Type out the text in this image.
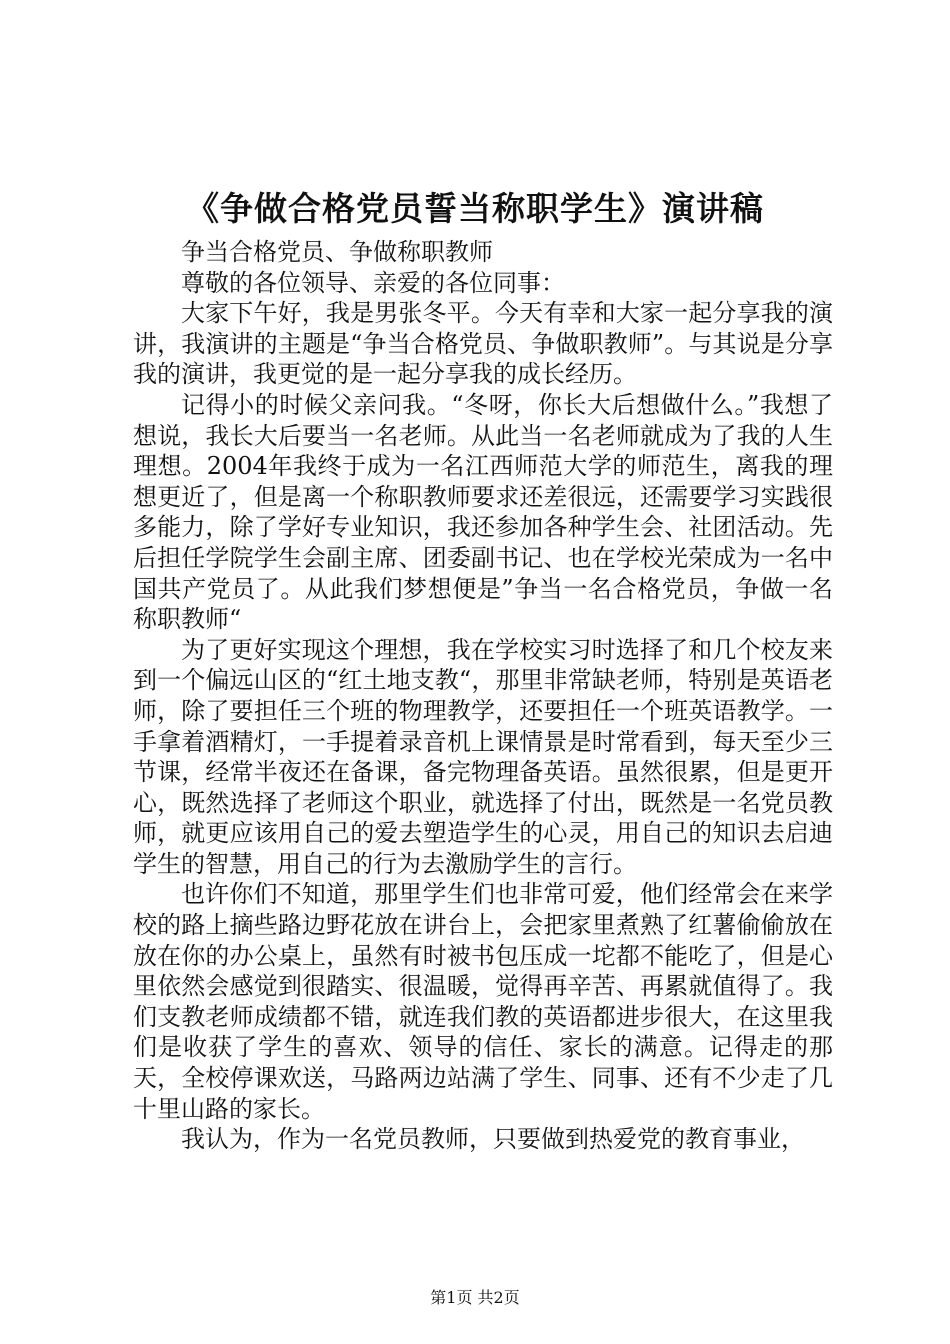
《争做合格党员誓当称职学生》演讲稿

争当合格党员、争做称职教师

尊敬的各位领导、亲爱的各位同事：

大家下午好，我是男张冬平。今天有幸和大家一起分享我的演讲，我演讲的主题是“争当合格党员、争做职教师”。与其说是分享我的演讲，我更觉的是一起分享我的成长经历。

记得小的时候父亲问我。“冬呀，你长大后想做什么。”我想了想说，我长大后要当一名老师。从此当一名老师就成为了我的人生理想。2004年我终于成为一名江西师范大学的师范生，离我的理想更近了，但是离一个称职教师要求还差很远，还需要学习实践很多能力，除了学好专业知识，我还参加各种学生会、社团活动。先后担任学院学生会副主席、团委副书记、也在学校光荣成为一名中国共产党员了。从此我们梦想便是”争当一名合格党员，争做一名称职教师“

为了更好实现这个理想，我在学校实习时选择了和几个校友来到一个偏远山区的“红土地支教“，那里非常缺老师，特别是英语老师，除了要担任三个班的物理教学，还要担任一个班英语教学。一手拿着酒精灯，一手提着录音机上课情景是时常看到，每天至少三节课，经常半夜还在备课，备完物理备英语。虽然很累，但是更开心，既然选择了老师这个职业，就选择了付出，既然是一名党员教师，就更应该用自己的爱去塑造学生的心灵，用自己的知识去启迪学生的智慧，用自己的行为去激励学生的言行。

也许你们不知道，那里学生们也非常可爱，他们经常会在来学校的路上摘些路边野花放在讲台上，会把家里煮熟了红薯偷偷放在放在你的办公桌上，虽然有时被书包压成一坨都不能吃了，但是心里依然会感觉到很踏实、很温暖，觉得再辛苦、再累就值得了。我们支教老师成绩都不错，就连我们教的英语都进步很大，在这里我们是收获了学生的喜欢、领导的信任、家长的满意。记得走的那天，全校停课欢送，马路两边站满了学生、同事、还有不少走了几十里山路的家长。

我认为，作为一名党员教师，只要做到热爱党的教育事业，

第1页 共2页
